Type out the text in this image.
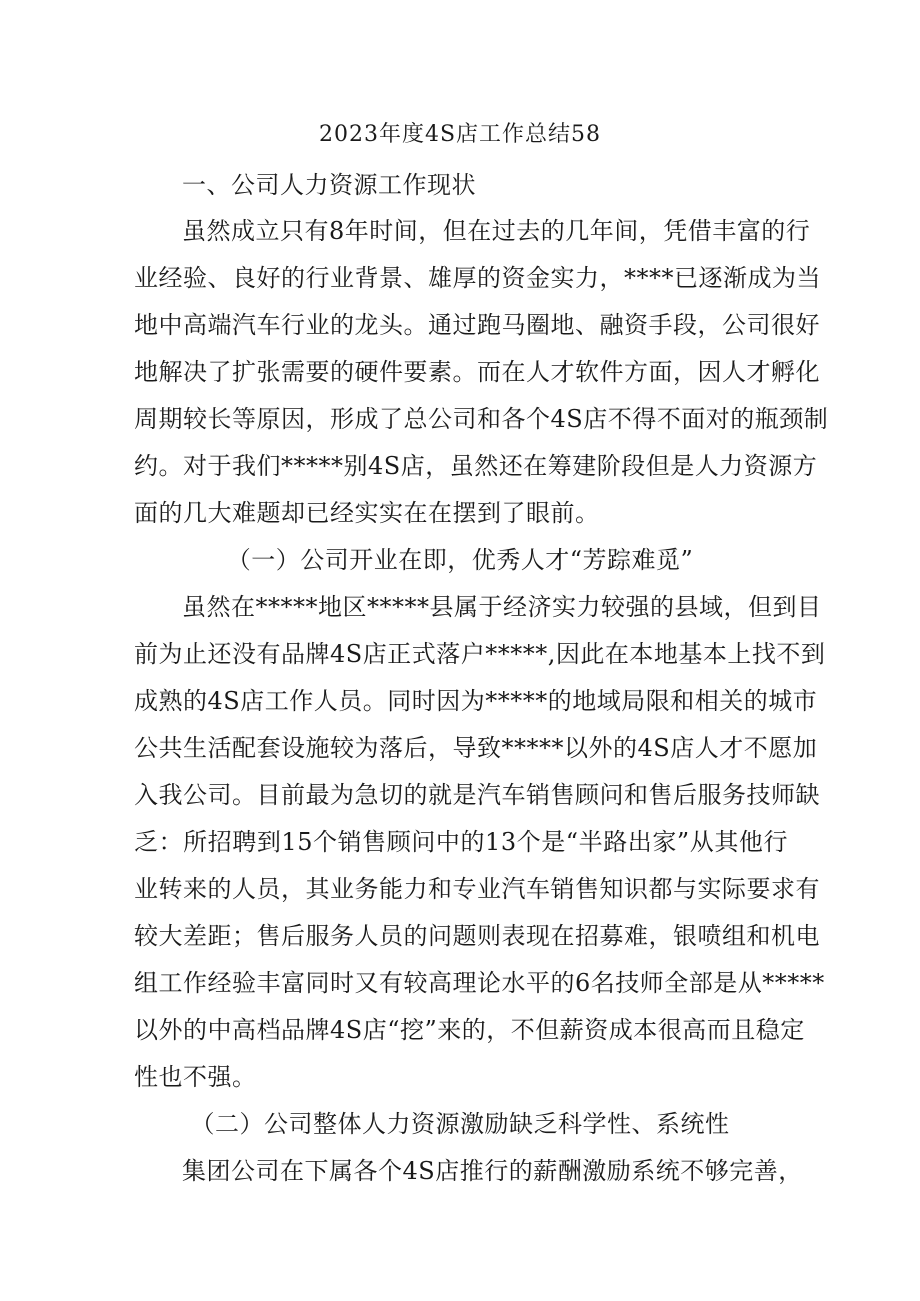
2023年度4S店工作总结58
一、公司人力资源工作现状
虽然成立只有8年时间，但在过去的几年间，凭借丰富的行
业经验、良好的行业背景、雄厚的资金实力，****已逐渐成为当
地中高端汽车行业的龙头。通过跑马圈地、融资手段，公司很好
地解决了扩张需要的硬件要素。而在人才软件方面，因人才孵化
周期较长等原因，形成了总公司和各个4S店不得不面对的瓶颈制
约。对于我们*****别4S店，虽然还在筹建阶段但是人力资源方
面的几大难题却已经实实在在摆到了眼前。
（一）公司开业在即，优秀人才“芳踪难觅”
虽然在*****地区*****县属于经济实力较强的县域，但到目
前为止还没有品牌4S店正式落户*****,因此在本地基本上找不到
成熟的4S店工作人员。同时因为*****的地域局限和相关的城市
公共生活配套设施较为落后，导致*****以外的4S店人才不愿加
入我公司。目前最为急切的就是汽车销售顾问和售后服务技师缺
乏：所招聘到15个销售顾问中的13个是“半路出家”从其他行
业转来的人员，其业务能力和专业汽车销售知识都与实际要求有
较大差距；售后服务人员的问题则表现在招募难，银喷组和机电
组工作经验丰富同时又有较高理论水平的6名技师全部是从*****
以外的中高档品牌4S店“挖”来的，不但薪资成本很高而且稳定
性也不强。
（二）公司整体人力资源激励缺乏科学性、系统性
集团公司在下属各个4S店推行的薪酬激励系统不够完善，
